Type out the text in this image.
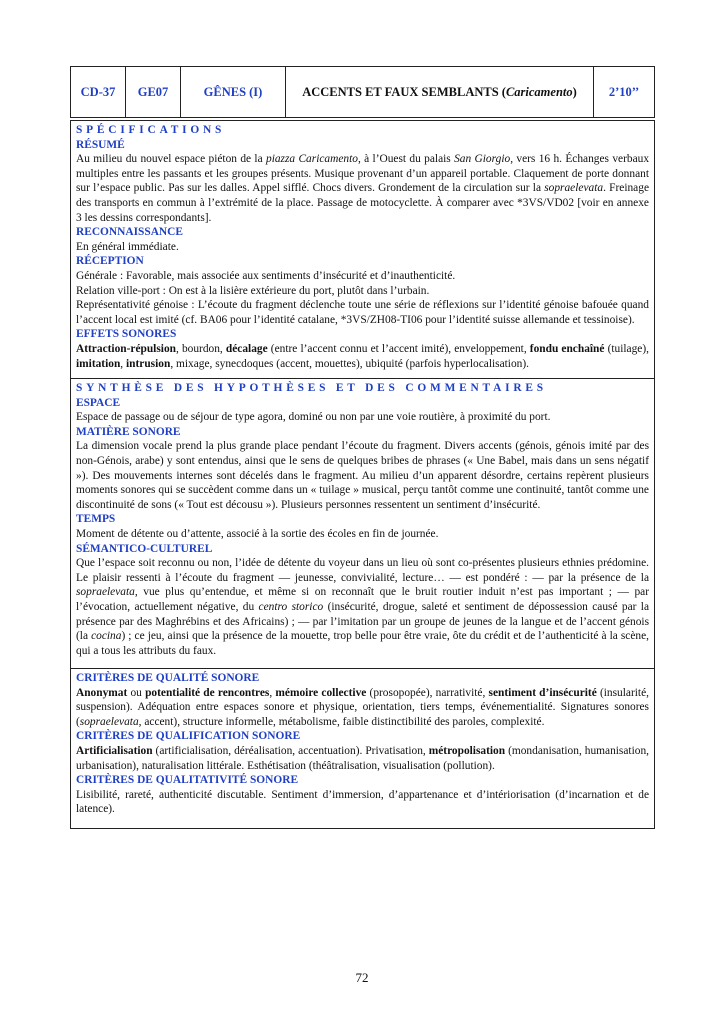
CD-37	GE07	GÊNES (I)	ACCENTS ET FAUX SEMBLANTS ( Caricamento )	2’10’’
SPÉCIFICATIONS
RÉSUMÉ

Au milieu du nouvel espace piéton de la piazza Caricamento, à l’Ouest du palais San Giorgio, vers 16 h. Échanges verbaux multiples entre les passants et les groupes présents. Musique provenant d’un appareil portable. Claquement de porte donnant sur l’espace public. Pas sur les dalles. Appel sifflé. Chocs divers. Grondement de la circulation sur la sopraelevata. Freinage des transports en commun à l’extrémité de la place. Passage de motocyclette. À comparer avec *3VS/VD02 [voir en annexe 3 les dessins correspondants].

RECONNAISSANCE

En général immédiate.

RÉCEPTION

Générale : Favorable, mais associée aux sentiments d’insécurité et d’inauthenticité.

Relation ville-port : On est à la lisière extérieure du port, plutôt dans l’urbain.

Représentativité génoise : L’écoute du fragment déclenche toute une série de réflexions sur l’identité génoise bafouée quand l’accent local est imité (cf. BA06 pour l’identité catalane, *3VS/ZH08-TI06 pour l’identité suisse allemande et tessinoise).

EFFETS SONORES

Attraction-répulsion, bourdon, décalage (entre l’accent connu et l’accent imité), enveloppement, fondu enchaîné (tuilage), imitation, intrusion, mixage, synecdoques (accent, mouettes), ubiquité (parfois hyperlocalisation).

SYNTHÈSE DES HYPOTHÈSES ET DES COMMENTAIRES
ESPACE

Espace de passage ou de séjour de type agora, dominé ou non par une voie routière, à proximité du port.

MATIÈRE SONORE

La dimension vocale prend la plus grande place pendant l’écoute du fragment. Divers accents (génois, génois imité par des non-Génois, arabe) y sont entendus, ainsi que le sens de quelques bribes de phrases (« Une Babel, mais dans un sens négatif »). Des mouvements internes sont décelés dans le fragment. Au milieu d’un apparent désordre, certains repèrent plusieurs moments sonores qui se succèdent comme dans un « tuilage » musical, perçu tantôt comme une continuité, tantôt comme une discontinuité de sons (« Tout est décousu »). Plusieurs personnes ressentent un sentiment d’insécurité.

TEMPS

Moment de détente ou d’attente, associé à la sortie des écoles en fin de journée.

SÉMANTICO-CULTUREL

Que l’espace soit reconnu ou non, l’idée de détente du voyeur dans un lieu où sont co-présentes plusieurs ethnies prédomine. Le plaisir ressenti à l’écoute du fragment — jeunesse, convivialité, lecture… — est pondéré : — par la présence de la sopraelevata, vue plus qu’entendue, et même si on reconnaît que le bruit routier induit n’est pas important ; — par l’évocation, actuellement négative, du centro storico (insécurité, drogue, saleté et sentiment de dépossession causé par la présence par des Maghrébins et des Africains) ; — par l’imitation par un groupe de jeunes de la langue et de l’accent génois (la cocina) ; ce jeu, ainsi que la présence de la mouette, trop belle pour être vraie, ôte du crédit et de l’authenticité à la scène, qui a tous les attributs du faux.

CRITÈRES DE QUALITÉ SONORE

Anonymat ou potentialité de rencontres, mémoire collective (prosopopée), narrativité, sentiment d’insécurité (insularité, suspension). Adéquation entre espaces sonore et physique, orientation, tiers temps, événementialité. Signatures sonores (sopraelevata, accent), structure informelle, métabolisme, faible distinctibilité des paroles, complexité.

CRITÈRES DE QUALIFICATION SONORE

Artificialisation (artificialisation, déréalisation, accentuation). Privatisation, métropolisation (mondanisation, humanisation, urbanisation), naturalisation littérale. Esthétisation (théâtralisation, visualisation (pollution).

CRITÈRES DE QUALITATIVITÉ SONORE

Lisibilité, rareté, authenticité discutable. Sentiment d’immersion, d’appartenance et d’intériorisation (d’incarnation et de latence).

72
